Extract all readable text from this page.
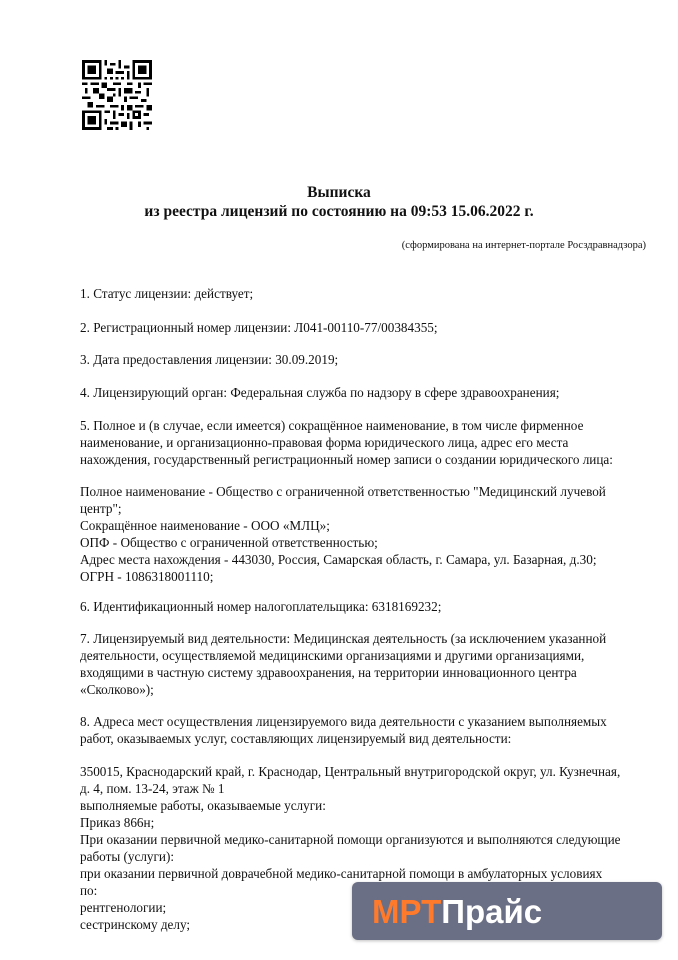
Выписка
из реестра лицензий по состоянию на 09:53 15.06.2022 г.
(сформирована на интернет-портале Росздравнадзора)
1. Статус лицензии: действует;
2. Регистрационный номер лицензии: Л041-00110-77/00384355;
3. Дата предоставления лицензии: 30.09.2019;
4. Лицензирующий орган: Федеральная служба по надзору в сфере здравоохранения;
5. Полное и (в случае, если имеется) сокращённое наименование, в том числе фирменное
наименование, и организационно-правовая форма юридического лица, адрес его места
нахождения, государственный регистрационный номер записи о создании юридического лица:
Полное наименование - Общество с ограниченной ответственностью "Медицинский лучевой
центр";
Сокращённое наименование - ООО «МЛЦ»;
ОПФ - Общество с ограниченной ответственностью;
Адрес места нахождения - 443030, Россия, Самарская область, г. Самара, ул. Базарная, д.30;
ОГРН - 1086318001110;
6. Идентификационный номер налогоплательщика: 6318169232;
7. Лицензируемый вид деятельности: Медицинская деятельность (за исключением указанной
деятельности, осуществляемой медицинскими организациями и другими организациями,
входящими в частную систему здравоохранения, на территории инновационного центра
«Сколково»);
8. Адреса мест осуществления лицензируемого вида деятельности с указанием выполняемых
работ, оказываемых услуг, составляющих лицензируемый вид деятельности:
350015, Краснодарский край, г. Краснодар, Центральный внутригородской округ, ул. Кузнечная,
д. 4, пом. 13-24, этаж № 1
выполняемые работы, оказываемые услуги:
Приказ 866н;
При оказании первичной медико-санитарной помощи организуются и выполняются следующие
работы (услуги):
при оказании первичной доврачебной медико-санитарной помощи в амбулаторных условиях
по:
рентгенологии;
сестринскому делу;	МРТ Прайс
